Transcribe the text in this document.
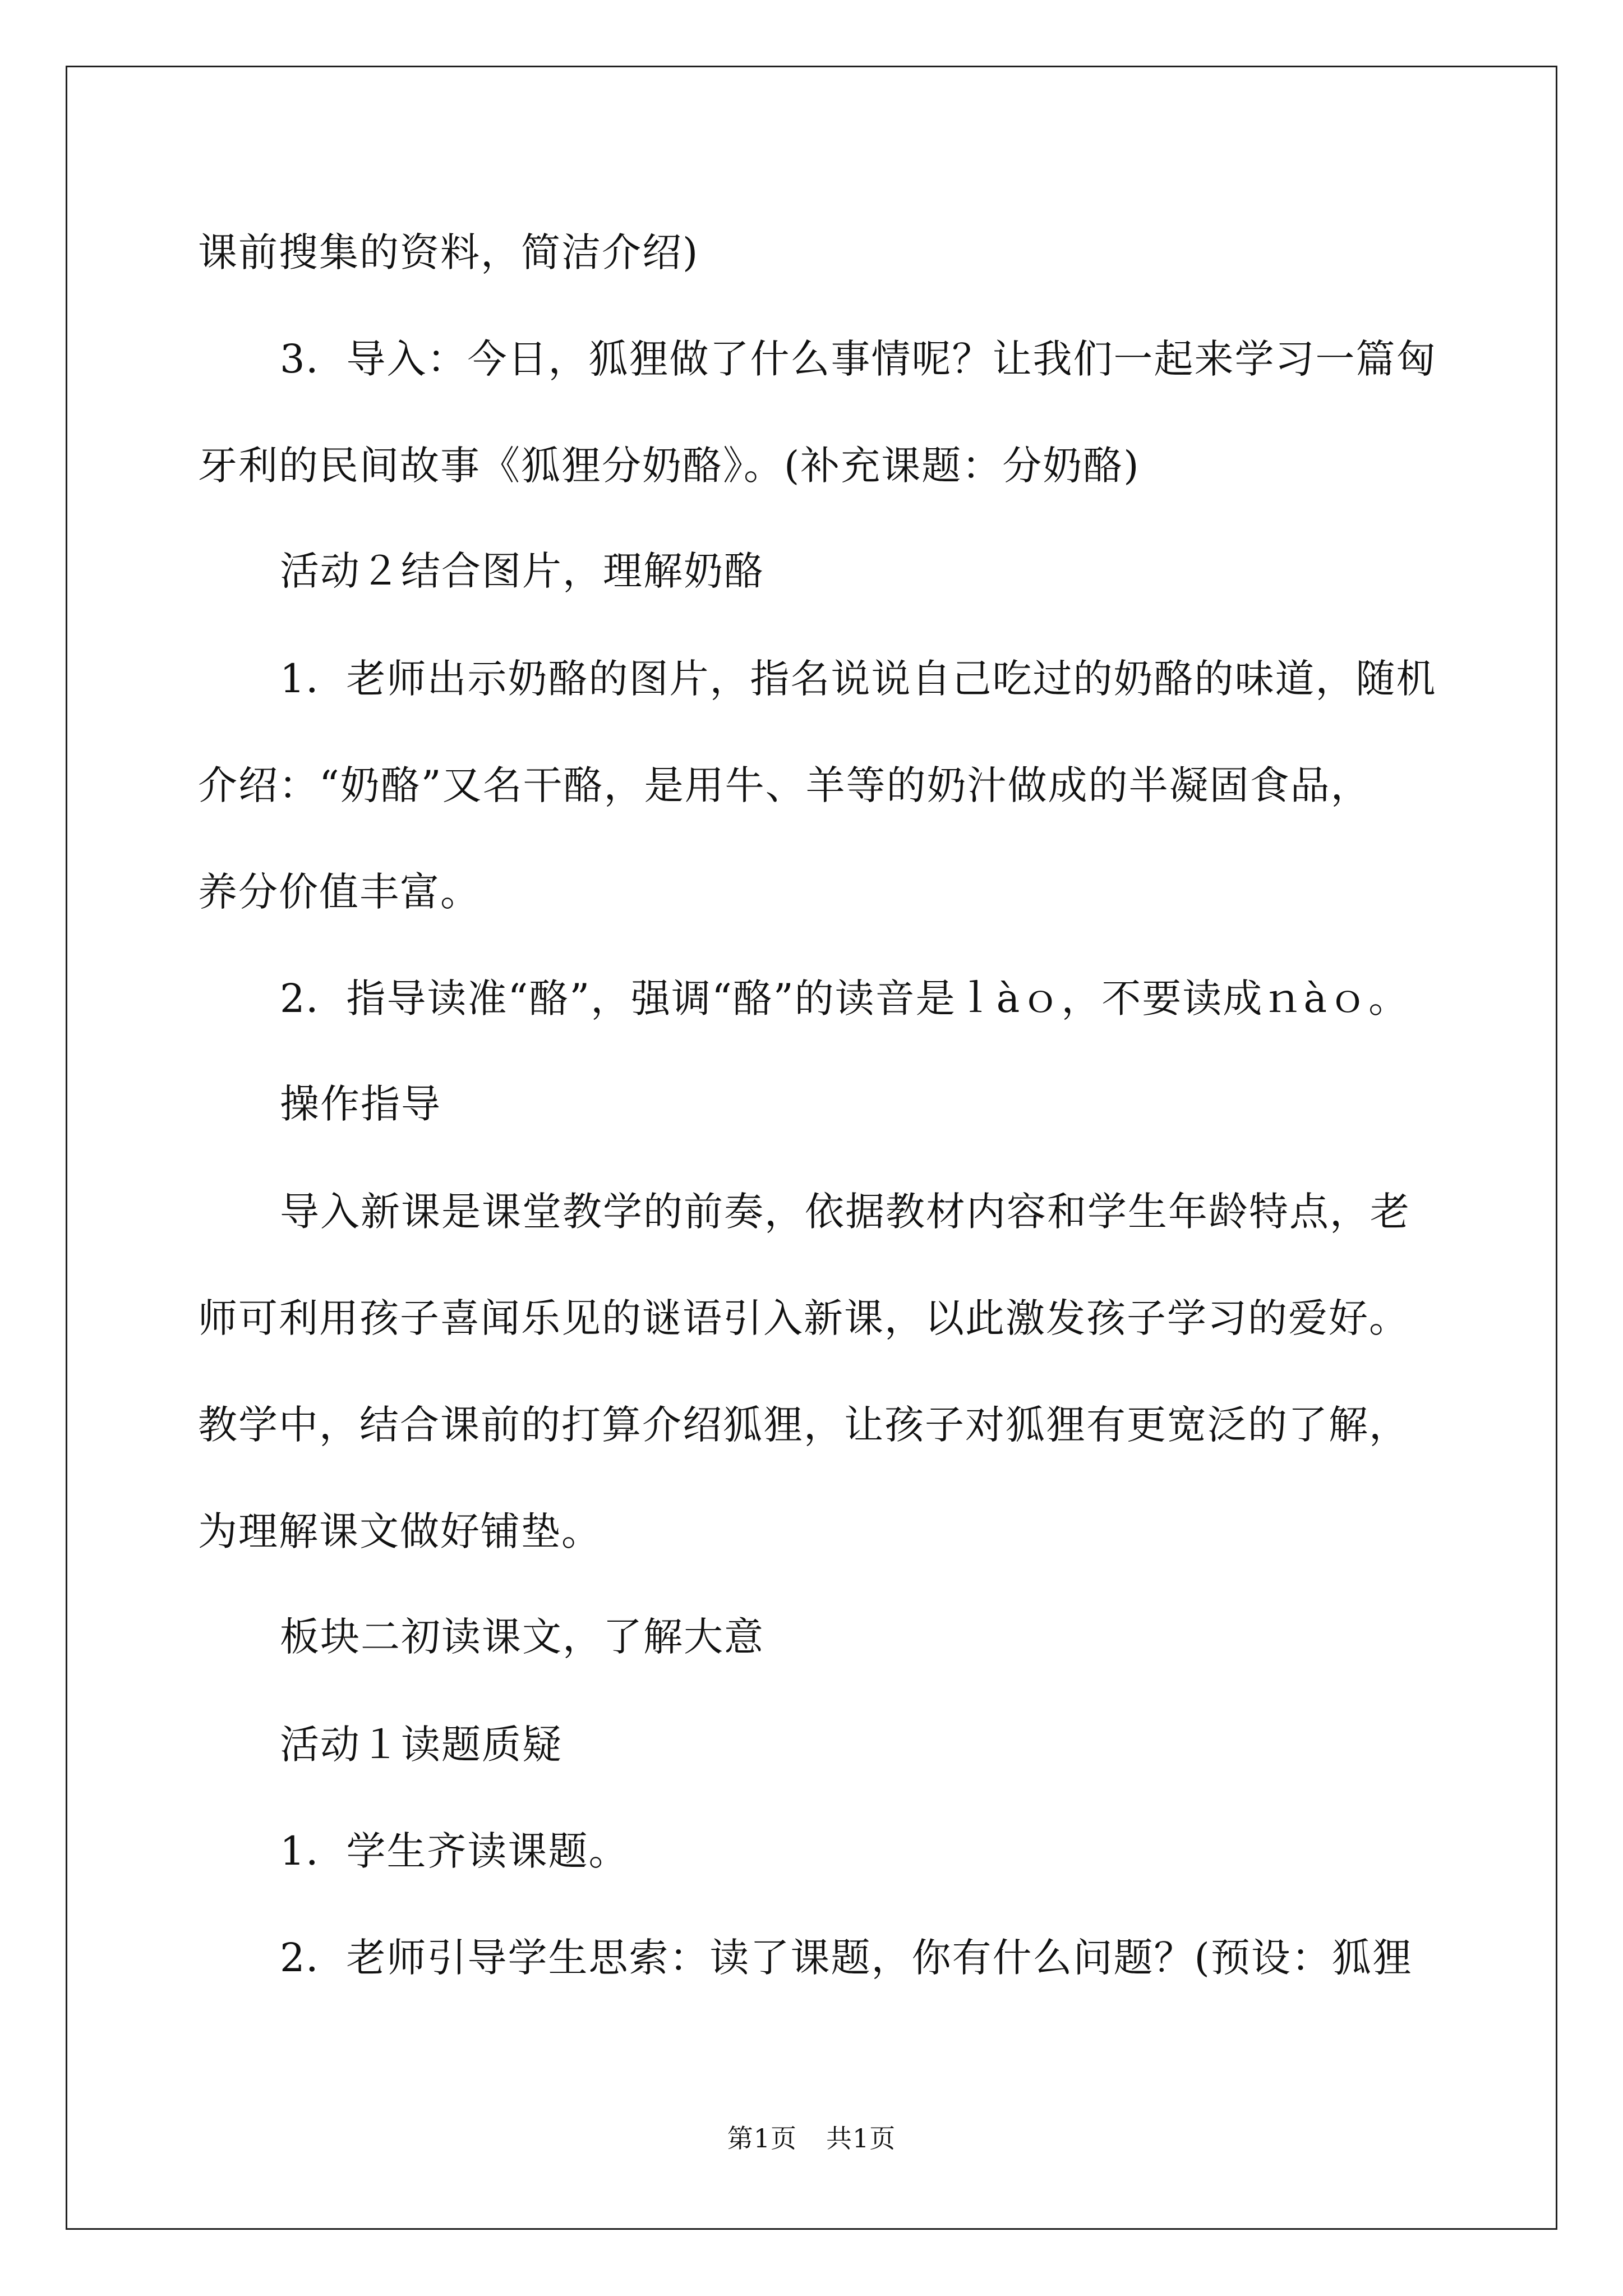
课前搜集的资料，简洁介绍)
3．导入：今日，狐狸做了什么事情呢？让我们一起来学习一篇匈
牙利的民间故事《狐狸分奶酪》。(补充课题：分奶酪)
活动２结合图片，理解奶酪
1．老师出示奶酪的图片，指名说说自己吃过的奶酪的味道，随机
介绍：“奶酪”又名干酪，是用牛、羊等的奶汁做成的半凝固食品，
养分价值丰富。
2．指导读准“酪”，强调“酪”的读音是ｌàｏ，不要读成ｎàｏ。
操作指导
导入新课是课堂教学的前奏，依据教材内容和学生年龄特点，老
师可利用孩子喜闻乐见的谜语引入新课，以此激发孩子学习的爱好。
教学中，结合课前的打算介绍狐狸，让孩子对狐狸有更宽泛的了解，
为理解课文做好铺垫。
板块二初读课文，了解大意
活动１读题质疑
1．学生齐读课题。
2．老师引导学生思索：读了课题，你有什么问题？(预设：狐狸
第1页 共1页
